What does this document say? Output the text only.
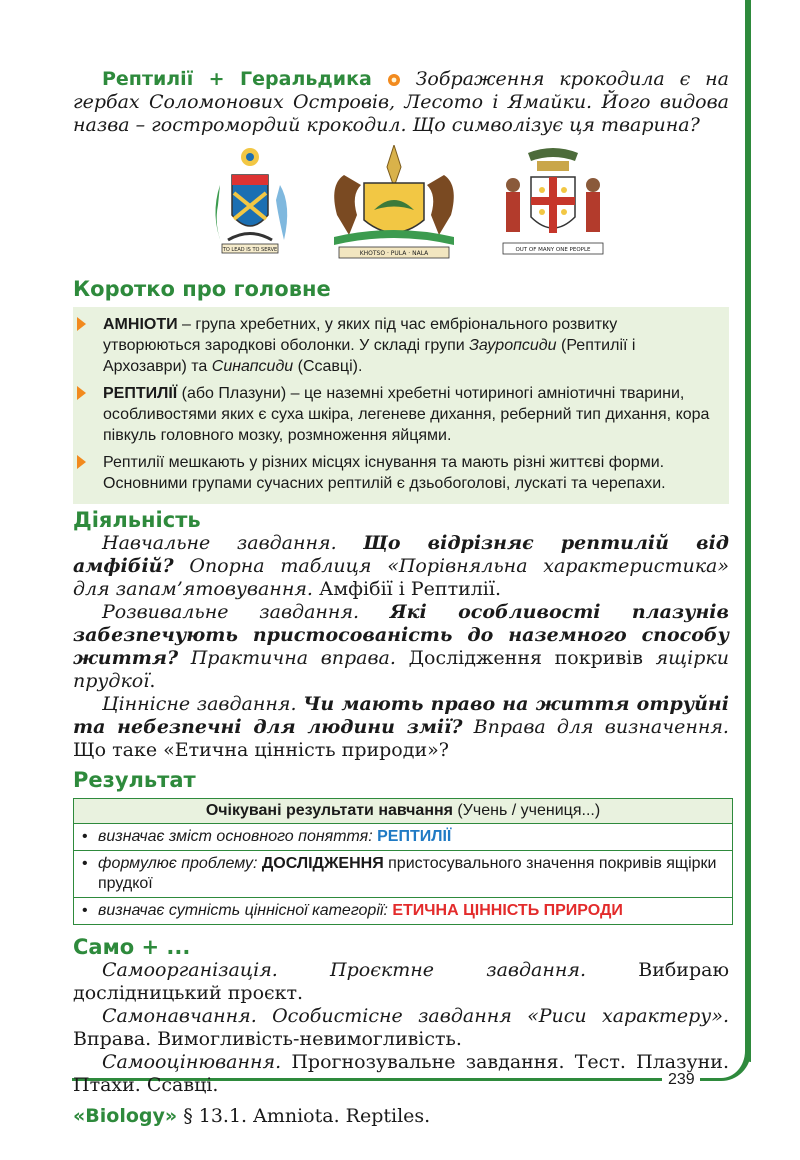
239

Рептилії + Геральдика Зображення крокодила є на гербах Соломонових Островів, Лесото і Ямайки. Його видова назва – гостромордий крокодил. Що символізує ця тварина?

TO LEAD IS TO SERVE	KHOTSO · PULA · NALA	OUT OF MANY ONE PEOPLE
Коротко про головне
АМНІОТИ – група хребетних, у яких під час ембріонального розвитку утворюються зародкові оболонки. У складі групи Зауропсиди (Рептилії і Архозаври) та Синапсиди (Ссавці).
РЕПТИЛІЇ (або Плазуни) – це наземні хребетні чотириногі амніотичні тварини, особливостями яких є суха шкіра, легеневе дихання, реберний тип дихання, кора півкуль головного мозку, розмноження яйцями.
Рептилії мешкають у різних місцях існування та мають різні життєві форми. Основними групами сучасних рептилій є дзьобоголові, лускаті та черепахи.
Діяльність

Навчальне завдання. Що відрізняє рептилій від амфібій? Опорна таблиця «Порівняльна характеристика» для запам’ятовування. Амфібії і Рептилії.

Розвивальне завдання. Які особливості плазунів забезпечують пристосованість до наземного способу життя? Практична вправа. Дослідження покривів ящірки прудкої.

Ціннісне завдання. Чи мають право на життя отруйні та небезпечні для людини змії? Вправа для визначення. Що таке «Етична цінність природи»?

Результат
Очікувані результати навчання (Учень / учениця...)
• визначає зміст основного поняття: РЕПТИЛІЇ
• формулює проблему: ДОСЛІДЖЕННЯ пристосувального значення покривів ящірки прудкої
• визначає сутність ціннісної категорії: ЕТИЧНА ЦІННІСТЬ ПРИРОДИ
Само + ...

Самоорганізація. Проєктне завдання. Вибираю дослідницький проєкт.

Самонавчання. Особистісне завдання «Риси характеру». Вправа. Вимогливість-невимогливість.

Самооцінювання. Прогнозувальне завдання. Тест. Плазуни. Птахи. Ссавці.

«Biology» § 13.1. Amniota. Reptiles.
